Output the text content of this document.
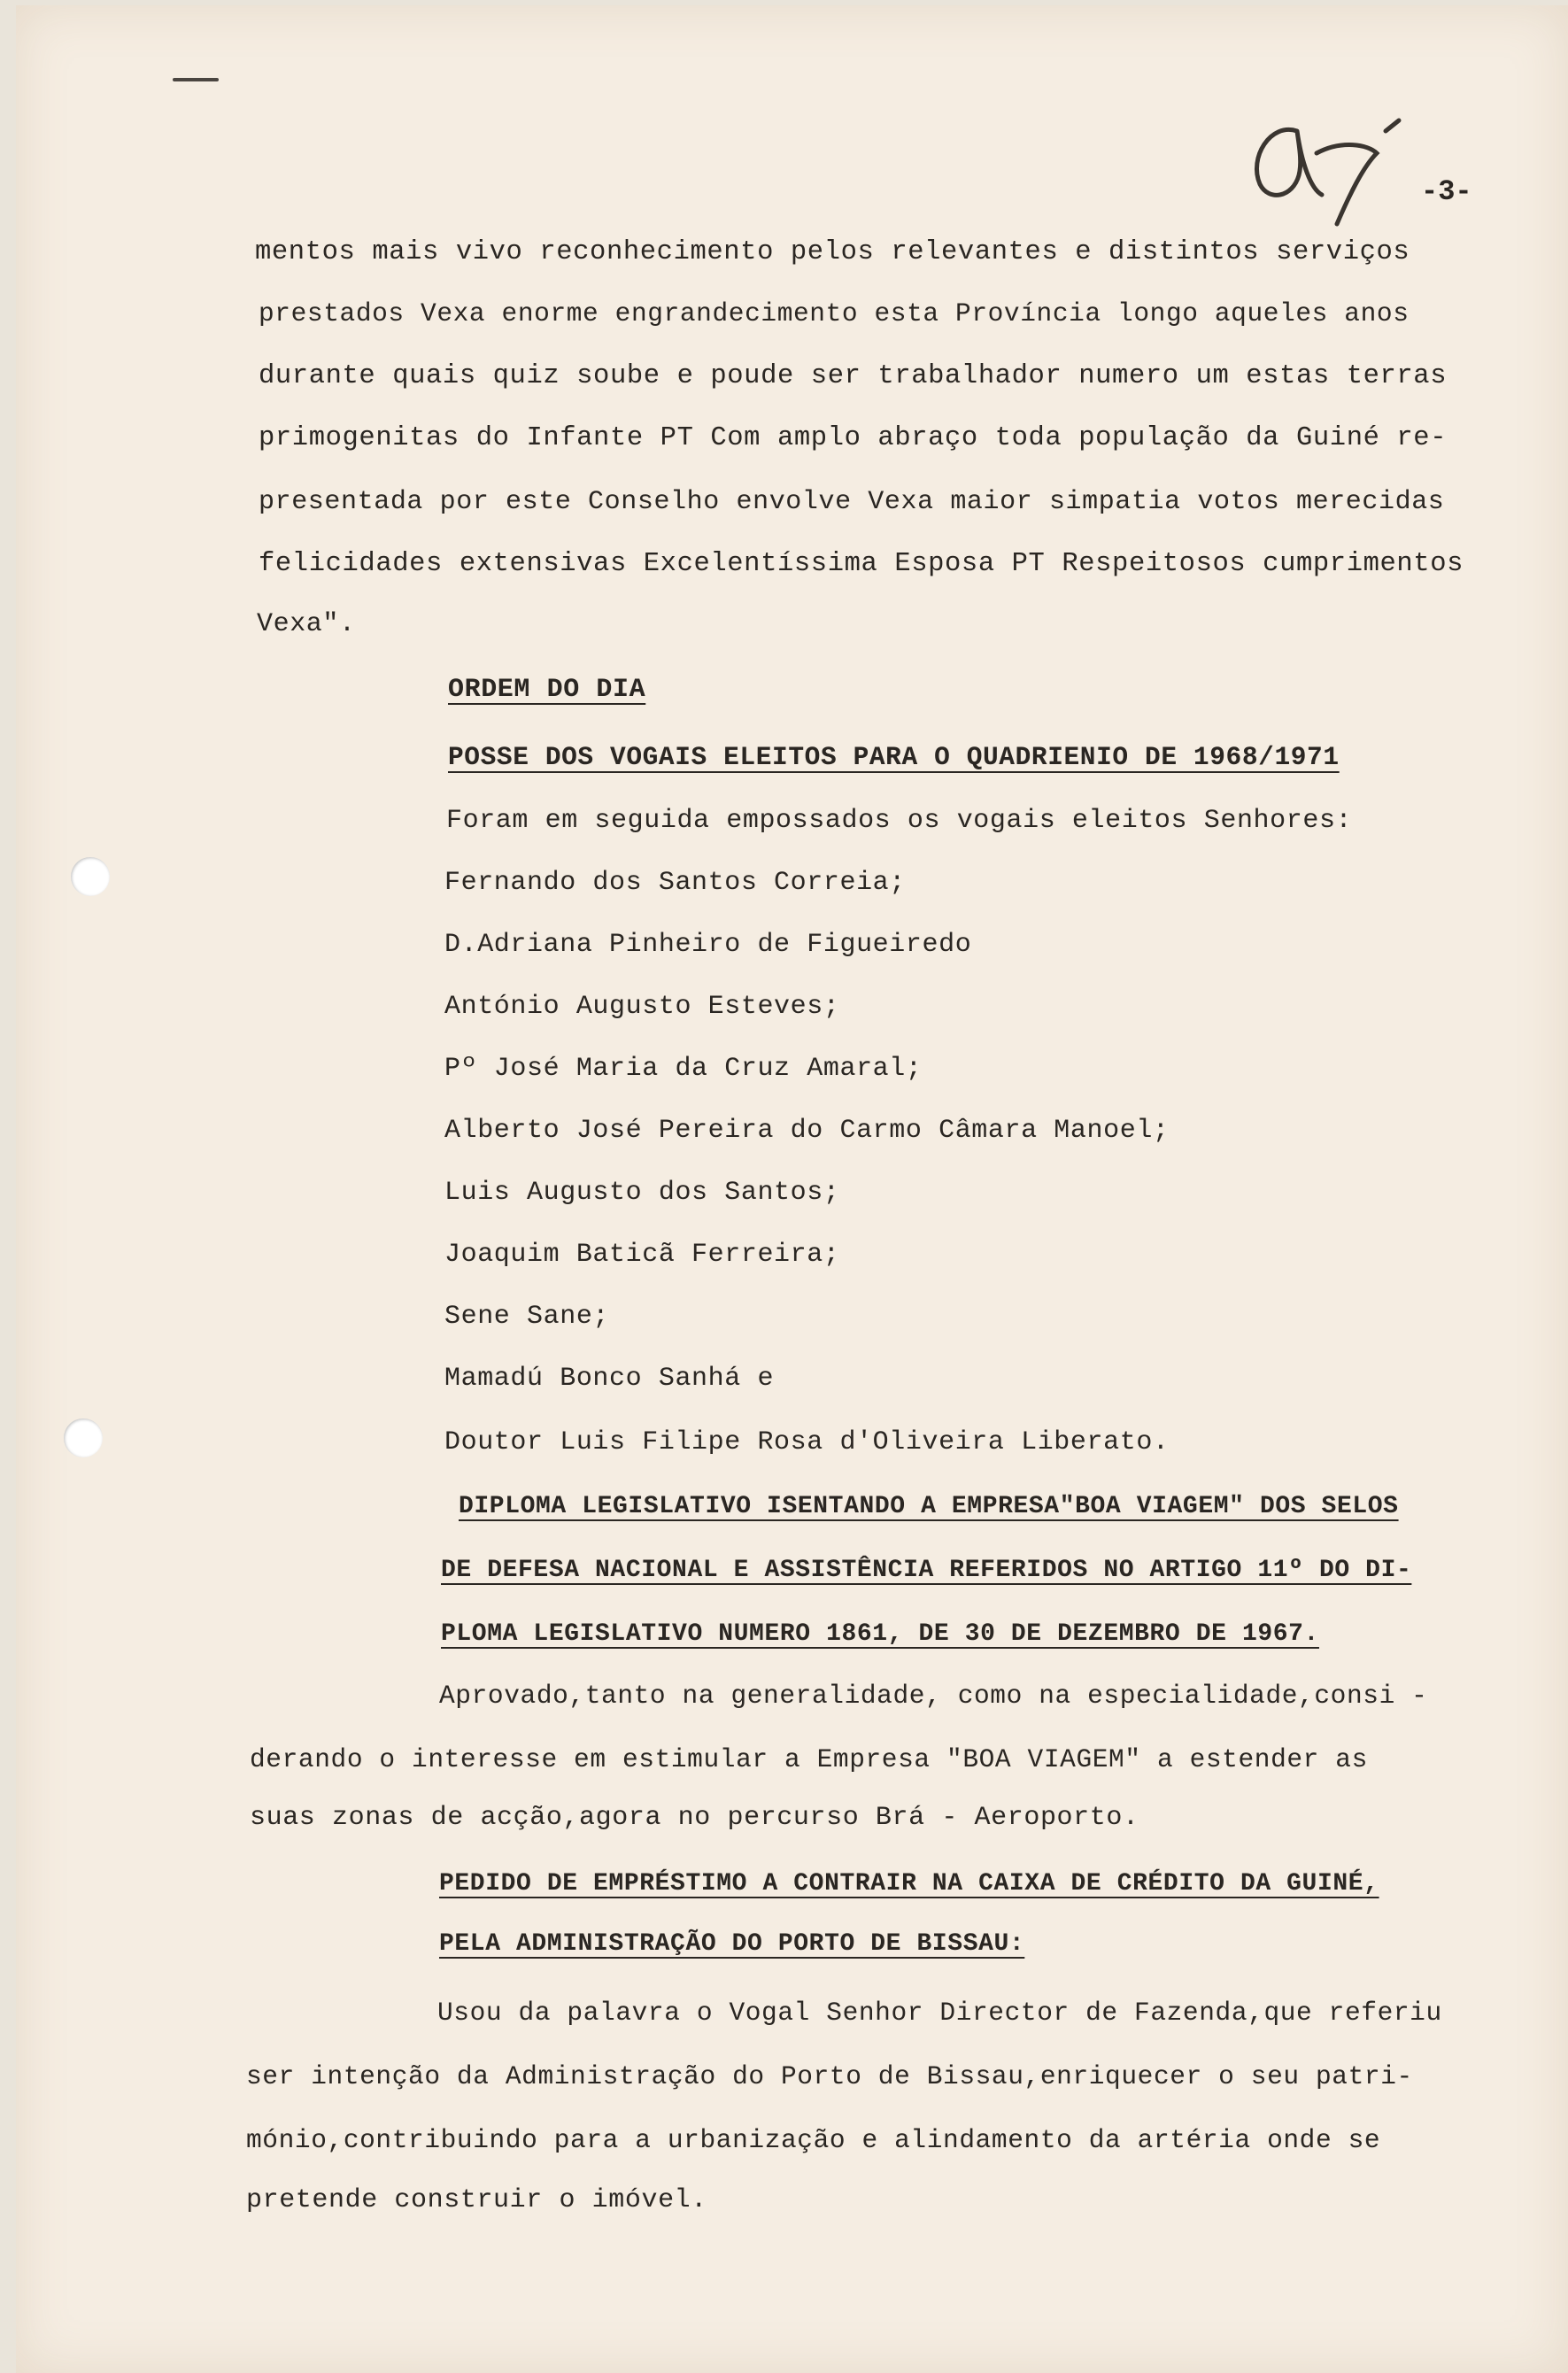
-3-
mentos mais vivo reconhecimento pelos relevantes e distintos serviços
prestados Vexa enorme engrandecimento esta Província longo aqueles anos
durante quais quiz soube e poude ser trabalhador numero um estas terras
primogenitas do Infante PT Com amplo abraço toda população da Guiné re-
presentada por este Conselho envolve Vexa maior simpatia votos merecidas
felicidades extensivas Excelentíssima Esposa PT Respeitosos cumprimentos
Vexa".
ORDEM DO DIA
POSSE DOS VOGAIS ELEITOS PARA O QUADRIENIO DE 1968/1971
Foram em seguida empossados os vogais eleitos Senhores:
Fernando dos Santos Correia;
D.Adriana Pinheiro de Figueiredo
António Augusto Esteves;
Pº José Maria da Cruz Amaral;
Alberto José Pereira do Carmo Câmara Manoel;
Luis Augusto dos Santos;
Joaquim Baticã Ferreira;
Sene Sane;
Mamadú Bonco Sanhá e
Doutor Luis Filipe Rosa d'Oliveira Liberato.
DIPLOMA LEGISLATIVO ISENTANDO A EMPRESA"BOA VIAGEM" DOS SELOS
DE DEFESA NACIONAL E ASSISTÊNCIA REFERIDOS NO ARTIGO 11º DO DI-
PLOMA LEGISLATIVO NUMERO 1861, DE 30 DE DEZEMBRO DE 1967.
Aprovado,tanto na generalidade, como na especialidade,consi -
derando o interesse em estimular a Empresa "BOA VIAGEM" a estender as
suas zonas de acção,agora no percurso Brá - Aeroporto.
PEDIDO DE EMPRÉSTIMO A CONTRAIR NA CAIXA DE CRÉDITO DA GUINÉ,
PELA ADMINISTRAÇÃO DO PORTO DE BISSAU:
Usou da palavra o Vogal Senhor Director de Fazenda,que referiu
ser intenção da Administração do Porto de Bissau,enriquecer o seu patri-
mónio,contribuindo para a urbanização e alindamento da artéria onde se
pretende construir o imóvel.
